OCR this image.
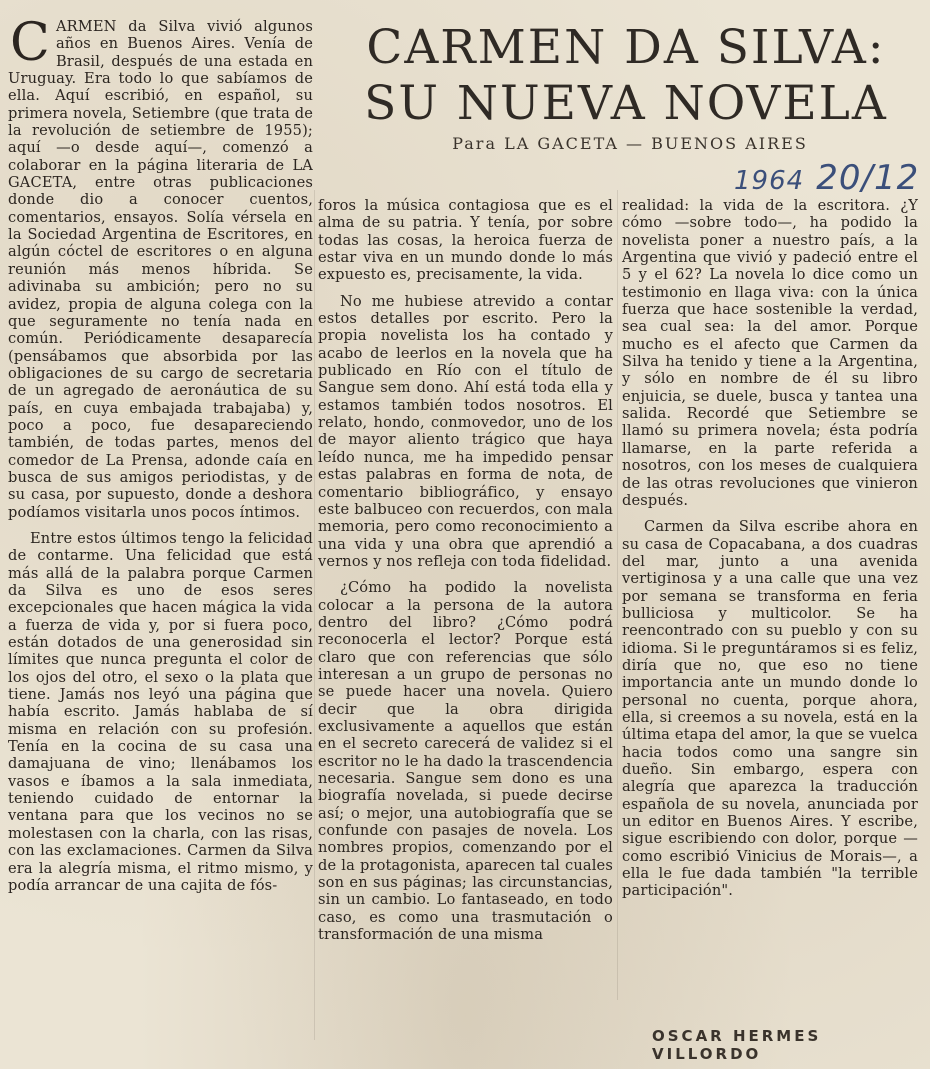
CARMEN DA SILVA:
SU NUEVA NOVELA
Para LA GACETA — BUENOS AIRES
1964 20/12

CARMEN da Silva vivió algunos años en Buenos Aires. Venía de Brasil, después de una estada en Uruguay. Era todo lo que sabíamos de ella. Aquí escribió, en español, su primera novela, Setiembre (que trata de la revolución de setiembre de 1955); aquí —o desde aquí—, comenzó a colaborar en la página literaria de LA GACETA, entre otras publicaciones donde dio a conocer cuentos, comentarios, ensayos. Solía vérsela en la Sociedad Argentina de Escritores, en algún cóctel de escritores o en alguna reunión más menos híbrida. Se adivinaba su ambición; pero no su avidez, propia de alguna colega con la que seguramente no tenía nada en común. Periódicamente desaparecía (pensábamos que absorbida por las obligaciones de su cargo de secretaria de un agregado de aeronáutica de su país, en cuya embajada trabajaba) y, poco a poco, fue desapareciendo también, de todas partes, menos del comedor de La Prensa, adonde caía en busca de sus amigos periodistas, y de su casa, por supuesto, donde a deshora podíamos visitarla unos pocos íntimos.

Entre estos últimos tengo la felicidad de contarme. Una felicidad que está más allá de la palabra porque Carmen da Silva es uno de esos seres excepcionales que hacen mágica la vida a fuerza de vida y, por si fuera poco, están dotados de una generosidad sin límites que nunca pregunta el color de los ojos del otro, el sexo o la plata que tiene. Jamás nos leyó una página que había escrito. Jamás hablaba de sí misma en relación con su profesión. Tenía en la cocina de su casa una damajuana de vino; llenábamos los vasos e íbamos a la sala inmediata, teniendo cuidado de entornar la ventana para que los vecinos no se molestasen con la charla, con las risas, con las exclamaciones. Carmen da Silva era la alegría misma, el ritmo mismo, y podía arrancar de una cajita de fós-

foros la música contagiosa que es el alma de su patria. Y tenía, por sobre todas las cosas, la heroica fuerza de estar viva en un mundo donde lo más expuesto es, precisamente, la vida.

No me hubiese atrevido a contar estos detalles por escrito. Pero la propia novelista los ha contado y acabo de leerlos en la novela que ha publicado en Río con el título de Sangue sem dono. Ahí está toda ella y estamos también todos nosotros. El relato, hondo, conmovedor, uno de los de mayor aliento trágico que haya leído nunca, me ha impedido pensar estas palabras en forma de nota, de comentario bibliográfico, y ensayo este balbuceo con recuerdos, con mala memoria, pero como reconocimiento a una vida y una obra que aprendió a vernos y nos refleja con toda fidelidad.

¿Cómo ha podido la novelista colocar a la persona de la autora dentro del libro? ¿Cómo podrá reconocerla el lector? Porque está claro que con referencias que sólo interesan a un grupo de personas no se puede hacer una novela. Quiero decir que la obra dirigida exclusivamente a aquellos que están en el secreto carecerá de validez si el escritor no le ha dado la trascendencia necesaria. Sangue sem dono es una biografía novelada, si puede decirse así; o mejor, una autobiografía que se confunde con pasajes de novela. Los nombres propios, comenzando por el de la protagonista, aparecen tal cuales son en sus páginas; las circunstancias, sin un cambio. Lo fantaseado, en todo caso, es como una trasmutación o transformación de una misma

realidad: la vida de la escritora. ¿Y cómo —sobre todo—, ha podido la novelista poner a nuestro país, a la Argentina que vivió y padeció entre el 5 y el 62? La novela lo dice como un testimonio en llaga viva: con la única fuerza que hace sostenible la verdad, sea cual sea: la del amor. Porque mucho es el afecto que Carmen da Silva ha tenido y tiene a la Argentina, y sólo en nombre de él su libro enjuicia, se duele, busca y tantea una salida. Recordé que Setiembre se llamó su primera novela; ésta podría llamarse, en la parte referida a nosotros, con los meses de cualquiera de las otras revoluciones que vinieron después.

Carmen da Silva escribe ahora en su casa de Copacabana, a dos cuadras del mar, junto a una avenida vertiginosa y a una calle que una vez por semana se transforma en feria bulliciosa y multicolor. Se ha reencontrado con su pueblo y con su idioma. Si le preguntáramos si es feliz, diría que no, que eso no tiene importancia ante un mundo donde lo personal no cuenta, porque ahora, ella, si creemos a su novela, está en la última etapa del amor, la que se vuelca hacia todos como una sangre sin dueño. Sin embargo, espera con alegría que aparezca la traducción española de su novela, anunciada por un editor en Buenos Aires. Y escribe, sigue escribiendo con dolor, porque —como escribió Vinicius de Morais—, a ella le fue dada también "la terrible participación".

OSCAR HERMES VILLORDO
